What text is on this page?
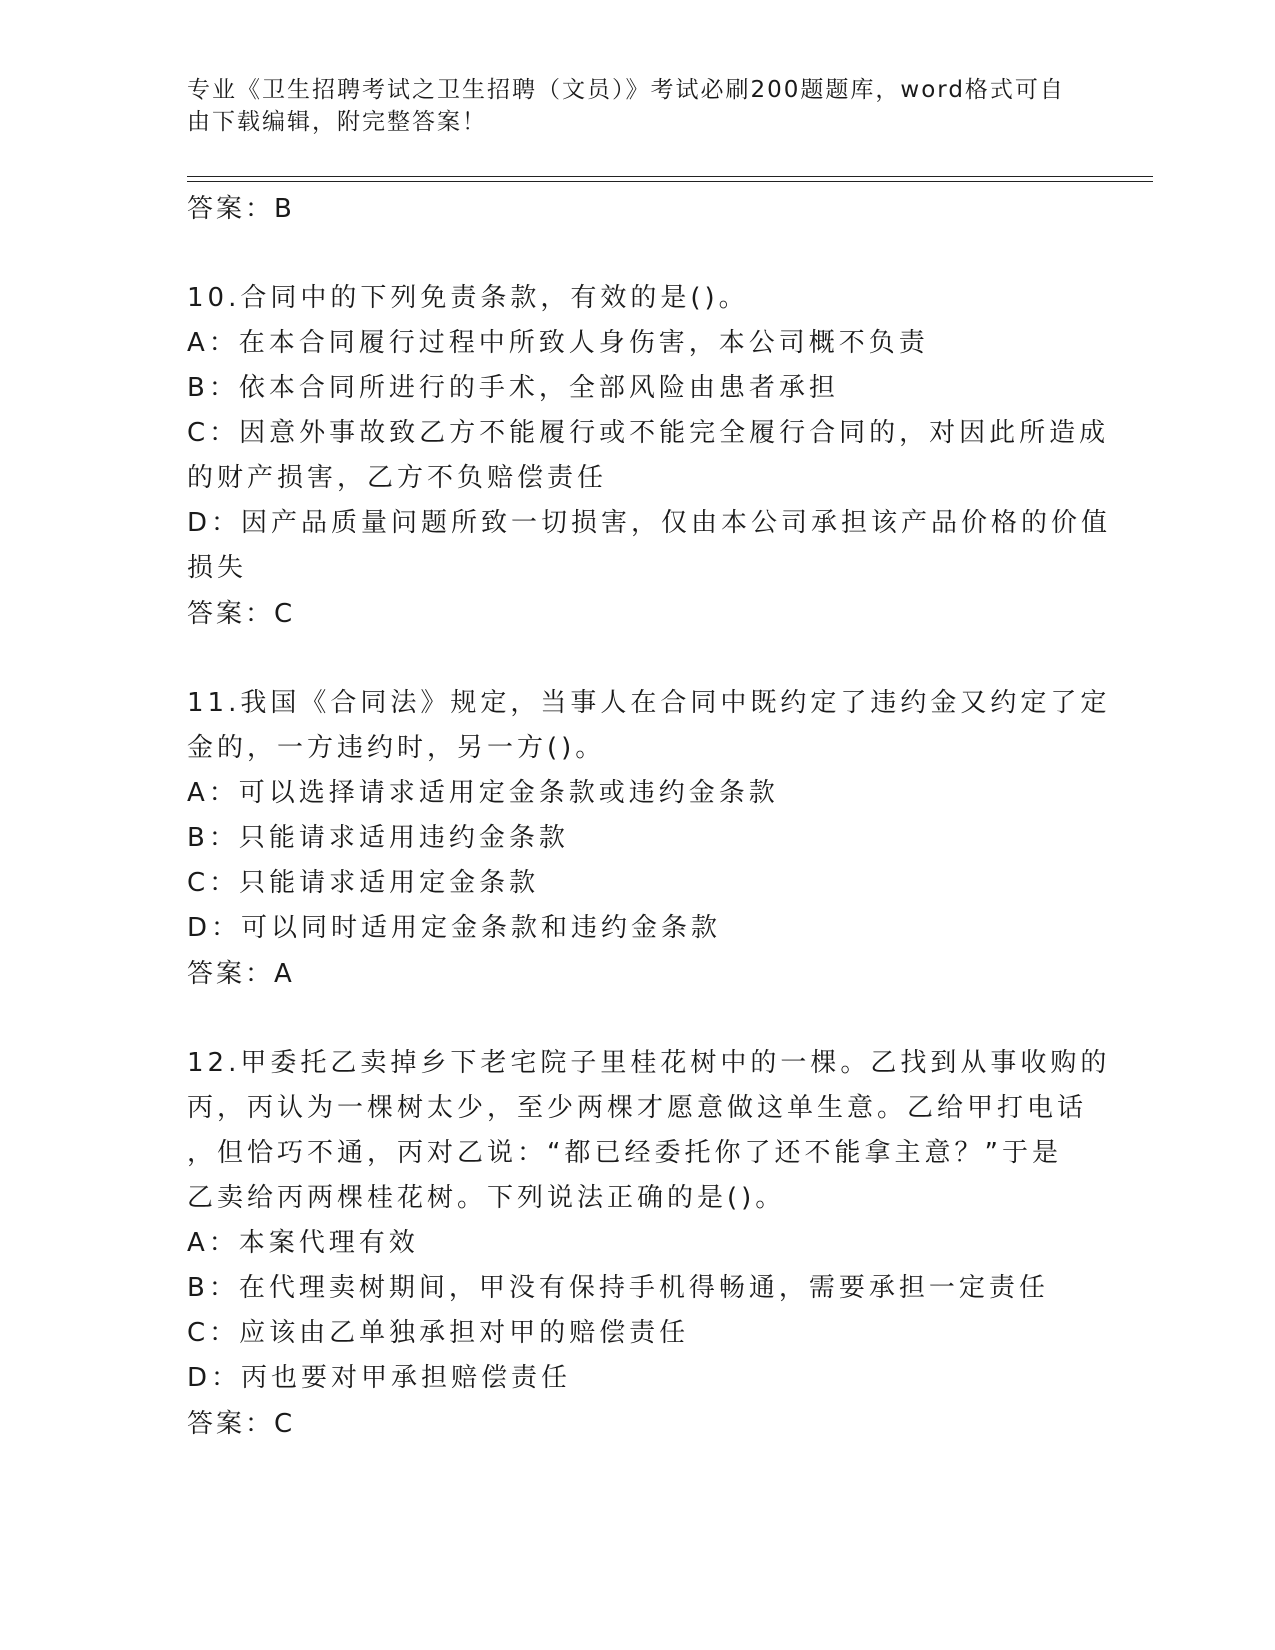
专业《卫生招聘考试之卫生招聘（文员）》考试必刷200题题库，word格式可自
由下载编辑，附完整答案！
答案：B
10.合同中的下列免责条款，有效的是()。
A：在本合同履行过程中所致人身伤害，本公司概不负责
B：依本合同所进行的手术，全部风险由患者承担
C：因意外事故致乙方不能履行或不能完全履行合同的，对因此所造成
的财产损害，乙方不负赔偿责任
D：因产品质量问题所致一切损害，仅由本公司承担该产品价格的价值
损失
答案：C
11.我国《合同法》规定，当事人在合同中既约定了违约金又约定了定
金的，一方违约时，另一方()。
A：可以选择请求适用定金条款或违约金条款
B：只能请求适用违约金条款
C：只能请求适用定金条款
D：可以同时适用定金条款和违约金条款
答案：A
12.甲委托乙卖掉乡下老宅院子里桂花树中的一棵。乙找到从事收购的
丙，丙认为一棵树太少，至少两棵才愿意做这单生意。乙给甲打电话
，但恰巧不通，丙对乙说：“都已经委托你了还不能拿主意？”于是
乙卖给丙两棵桂花树。下列说法正确的是()。
A：本案代理有效
B：在代理卖树期间，甲没有保持手机得畅通，需要承担一定责任
C：应该由乙单独承担对甲的赔偿责任
D：丙也要对甲承担赔偿责任
答案：C
